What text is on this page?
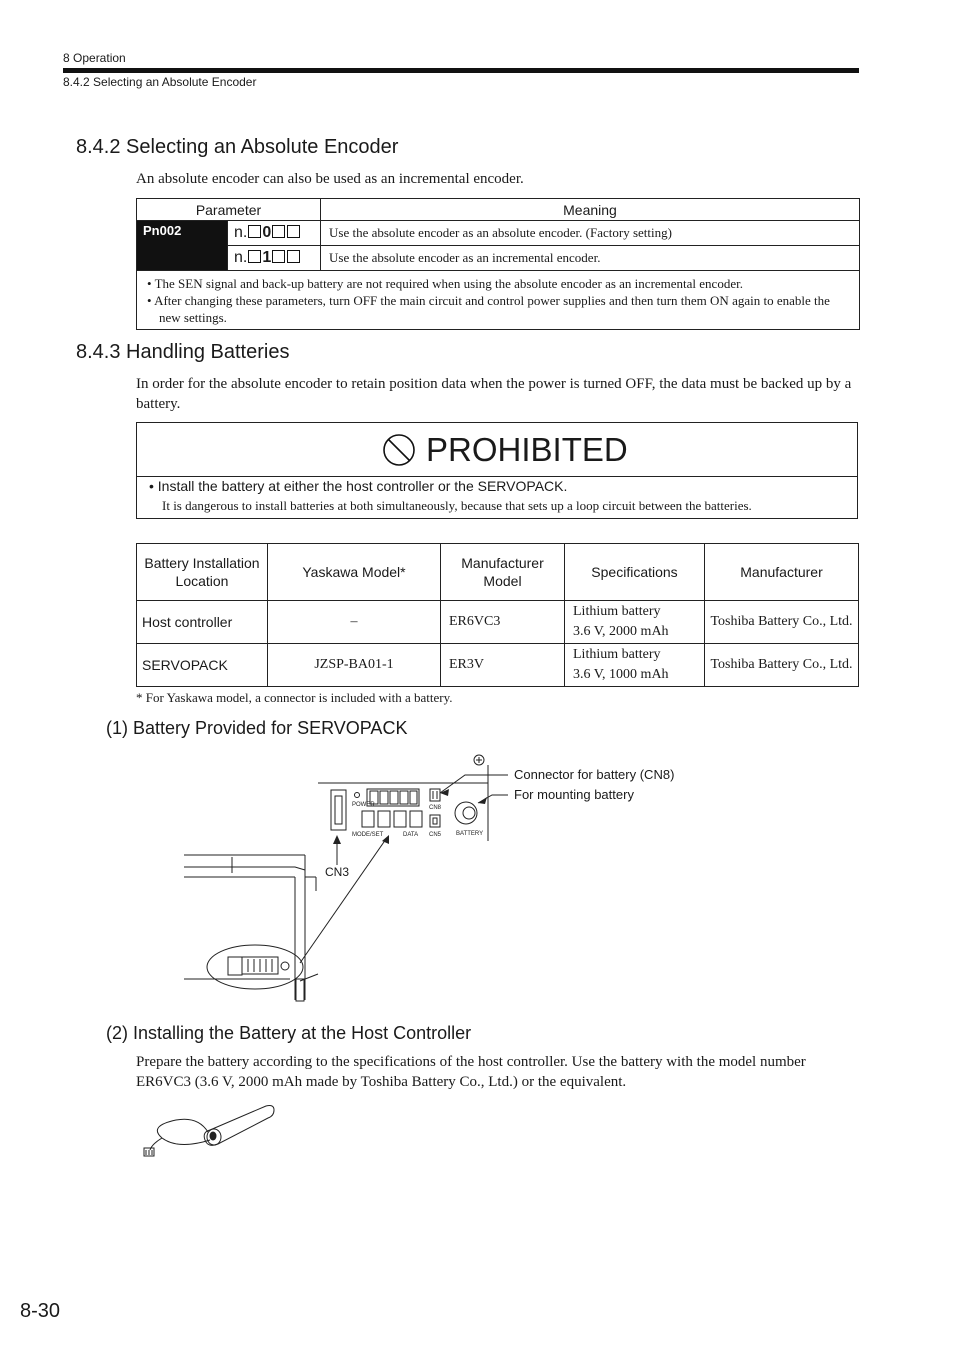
8 Operation
8.4.2 Selecting an Absolute Encoder
8.4.2 Selecting an Absolute Encoder
An absolute encoder can also be used as an incremental encoder.
Parameter		Meaning
Pn002	n. 0	Use the absolute encoder as an absolute encoder. (Factory setting)
	n. 1	Use the absolute encoder as an incremental encoder.

• The SEN signal and back-up battery are not required when using the absolute encoder as an incremental encoder.
• After changing these parameters, turn OFF the main circuit and control power supplies and then turn them ON again to enable the new settings.		
8.4.3 Handling Batteries
In order for the absolute encoder to retain position data when the power is turned OFF, the data must be backed up by a battery.
PROHIBITED
• Install the battery at either the host controller or the SERVOPACK.
It is dangerous to install batteries at both simultaneously, because that sets up a loop circuit between the batteries.
Battery Installation Location	Yaskawa Model*	Manufacturer Model	Specifications	Manufacturer
Host controller	–	ER6VC3	Lithium battery
3.6 V, 2000 mAh	Toshiba Battery Co., Ltd.
SERVOPACK	JZSP-BA01-1	ER3V	Lithium battery
3.6 V, 1000 mAh	Toshiba Battery Co., Ltd.
* For Yaskawa model, a connector is included with a battery.
(1) Battery Provided for SERVOPACK
POWER	CN8
MODE/SET	DATA CN5 BATTERY
Connector for battery (CN8)
For mounting battery
CN3
(2) Installing the Battery at the Host Controller
Prepare the battery according to the specifications of the host controller. Use the battery with the model number ER6VC3 (3.6 V, 2000 mAh made by Toshiba Battery Co., Ltd.) or the equivalent.
8-30
